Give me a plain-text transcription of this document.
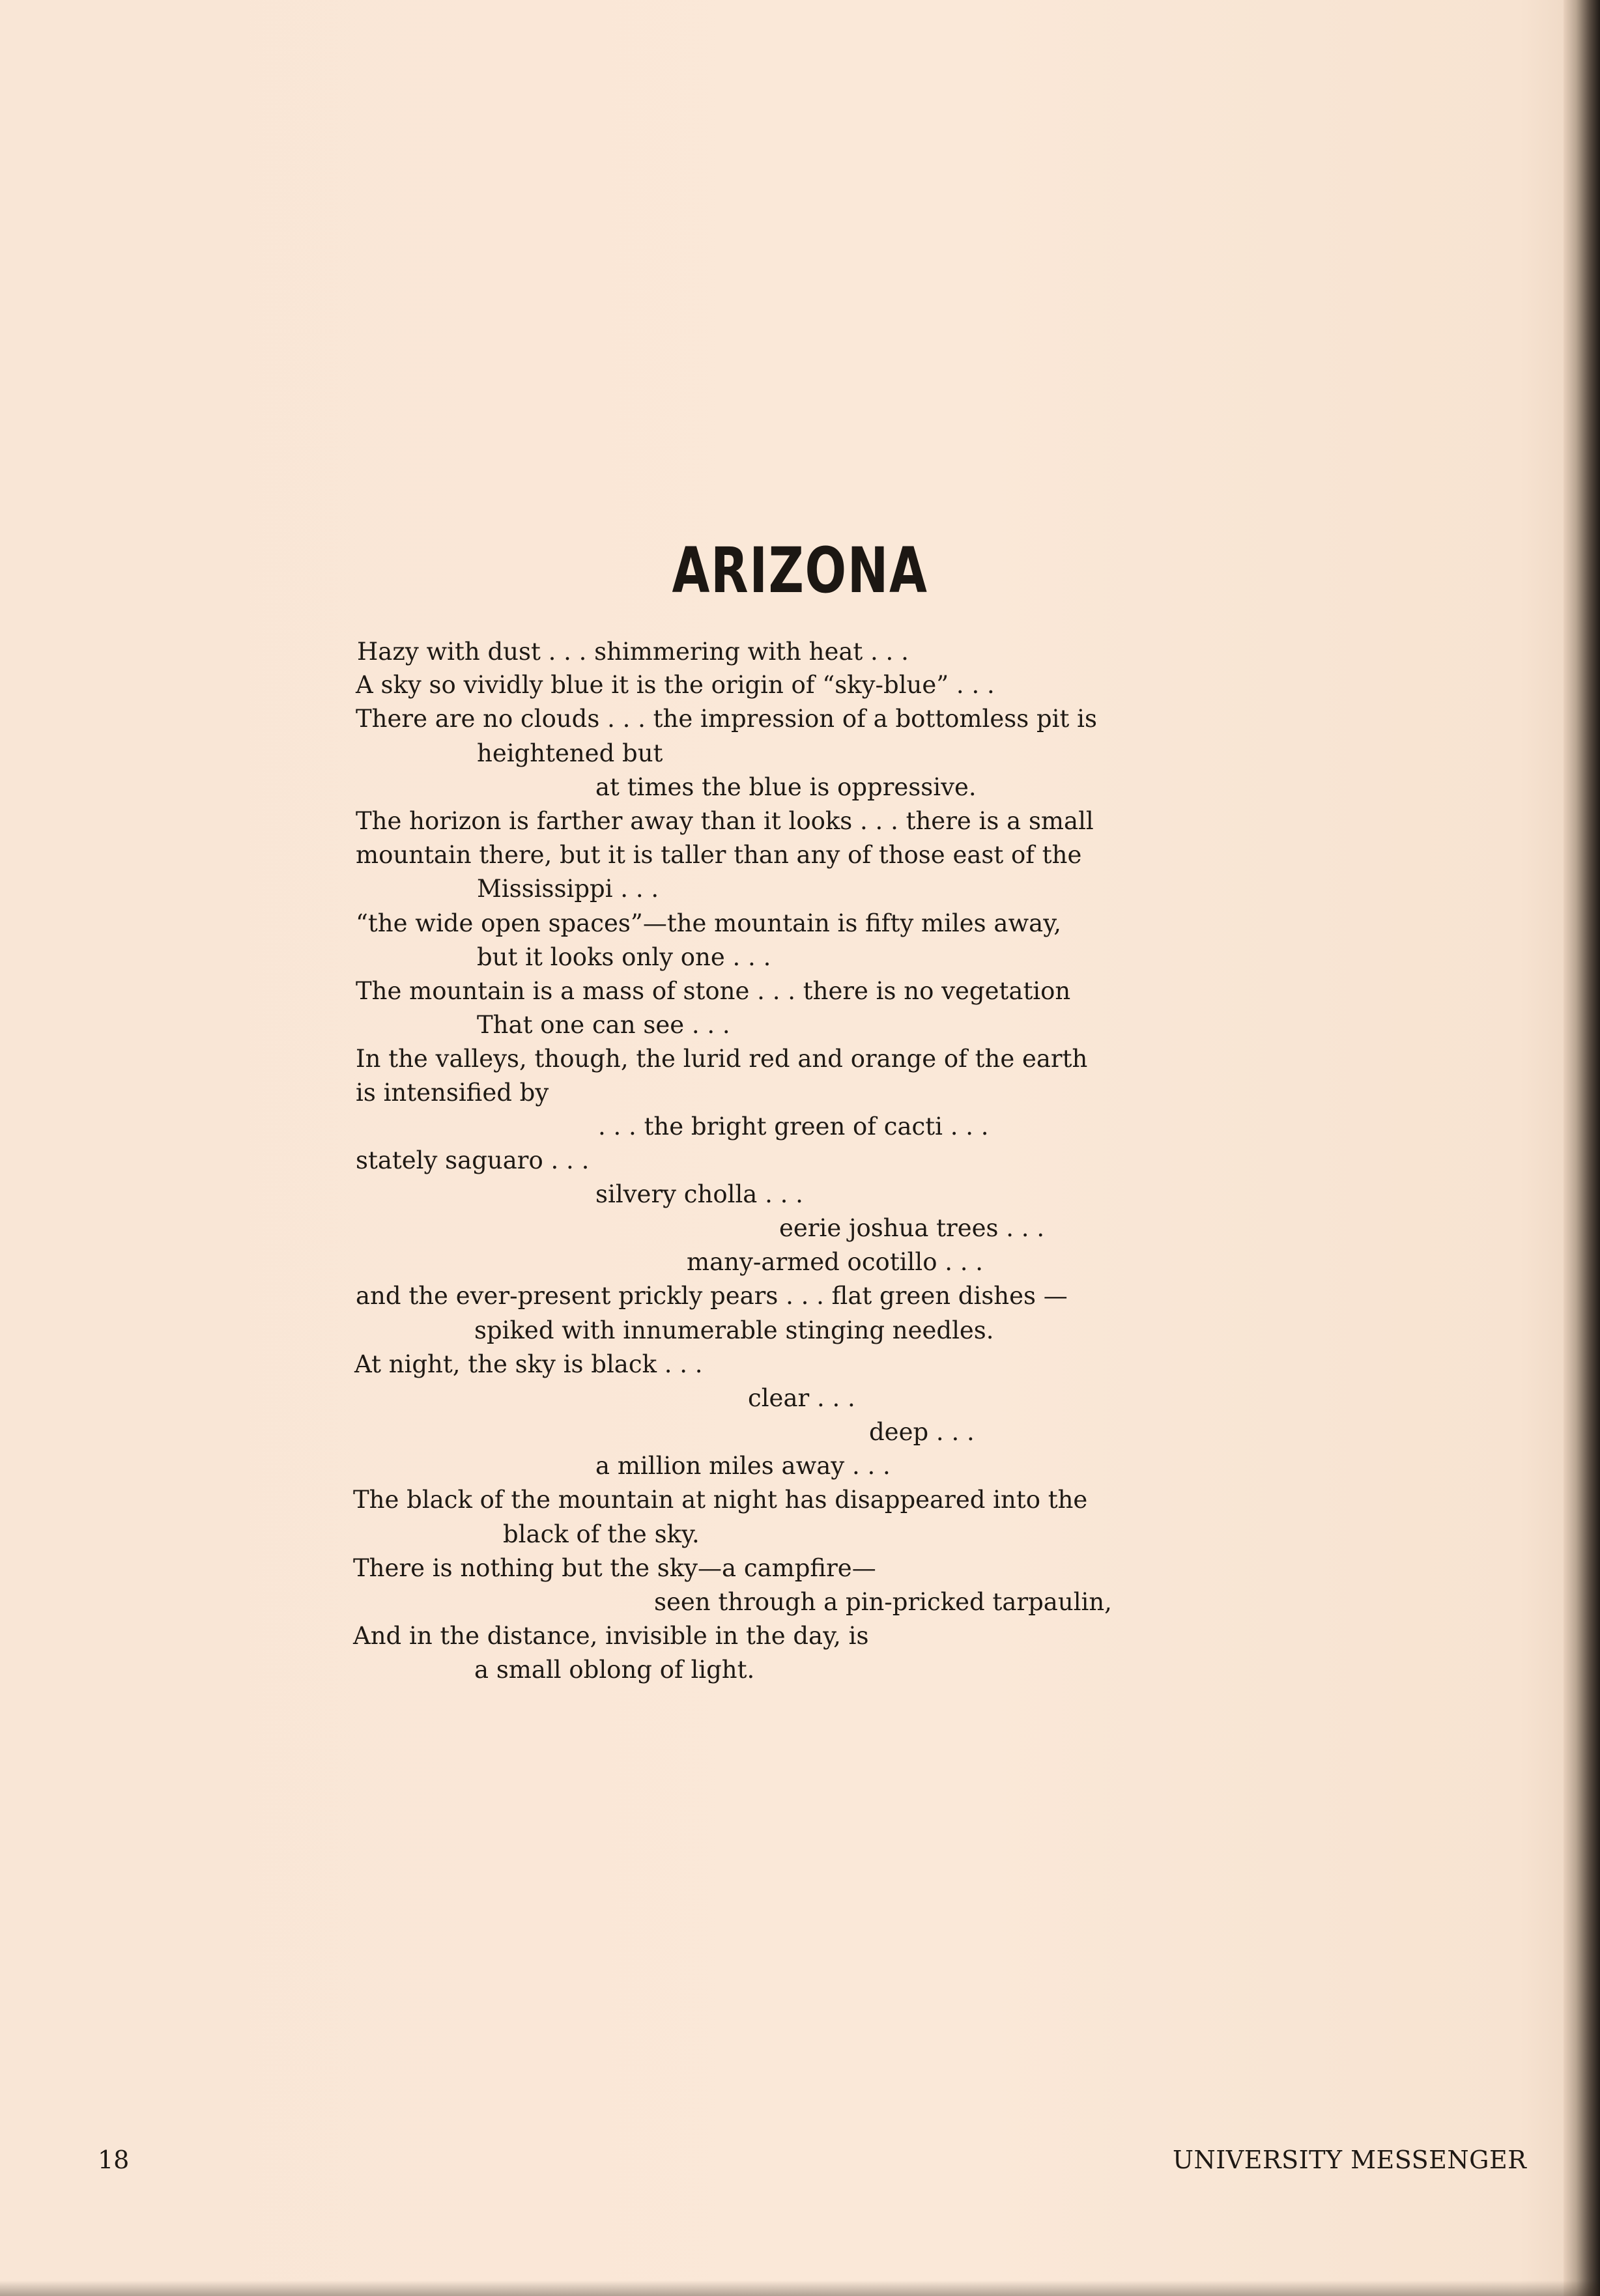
ARIZONA
Hazy with dust . . . shimmering with heat . . .
A sky so vividly blue it is the origin of “sky-blue” . . .
There are no clouds . . . the impression of a bottomless pit is
heightened but
at times the blue is oppressive.
The horizon is farther away than it looks . . . there is a small
mountain there, but it is taller than any of those east of the
Mississippi . . .
“the wide open spaces”—the mountain is fifty miles away,
but it looks only one . . .
The mountain is a mass of stone . . . there is no vegetation
That one can see . . .
In the valleys, though, the lurid red and orange of the earth
is intensified by
. . . the bright green of cacti . . .
stately saguaro . . .
silvery cholla . . .
eerie joshua trees . . .
many-armed ocotillo . . .
and the ever-present prickly pears . . . flat green dishes —
spiked with innumerable stinging needles.
At night, the sky is black . . .
clear . . .
deep . . .
a million miles away . . .
The black of the mountain at night has disappeared into the
black of the sky.
There is nothing but the sky—a campfire—
seen through a pin-pricked tarpaulin,
And in the distance, invisible in the day, is
a small oblong of light.
18	UNIVERSITY MESSENGER
